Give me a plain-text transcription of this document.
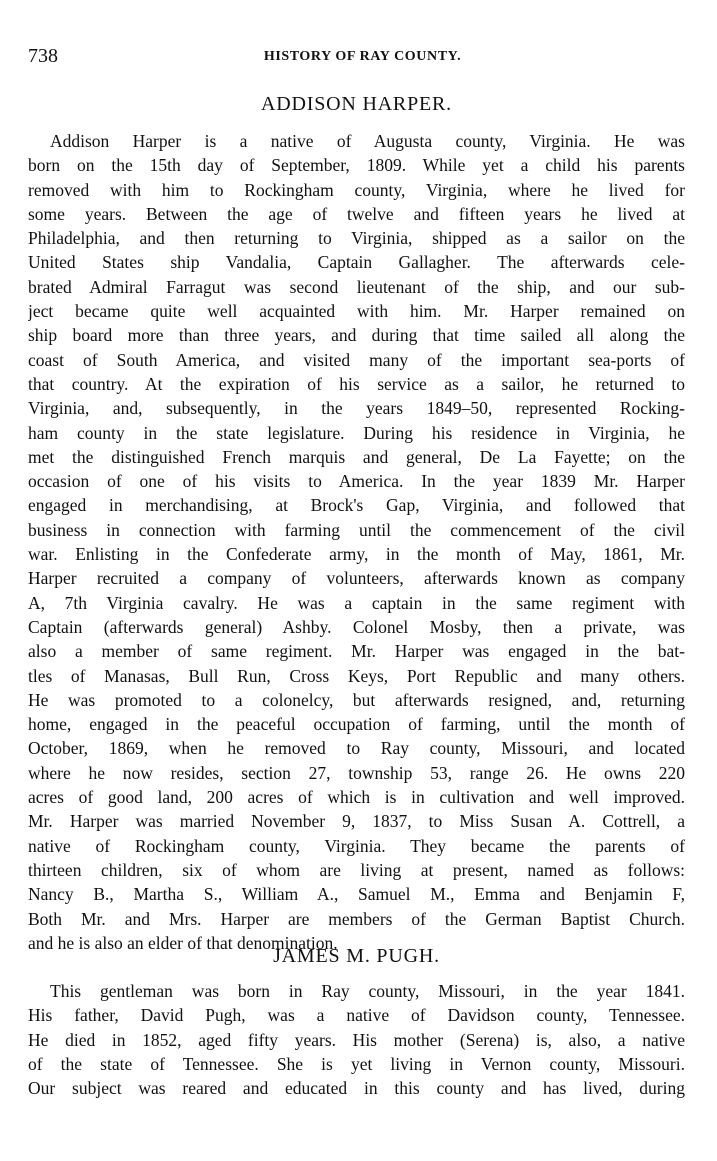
738	HISTORY OF RAY COUNTY.
ADDISON HARPER.
Addison Harper is a native of Augusta county, Virginia. He was
born on the 15th day of September, 1809. While yet a child his parents
removed with him to Rockingham county, Virginia, where he lived for
some years. Between the age of twelve and fifteen years he lived at
Philadelphia, and then returning to Virginia, shipped as a sailor on the
United States ship Vandalia, Captain Gallagher. The afterwards cele-
brated Admiral Farragut was second lieutenant of the ship, and our sub-
ject became quite well acquainted with him. Mr. Harper remained on
ship board more than three years, and during that time sailed all along the
coast of South America, and visited many of the important sea-ports of
that country. At the expiration of his service as a sailor, he returned to
Virginia, and, subsequently, in the years 1849–50, represented Rocking-
ham county in the state legislature. During his residence in Virginia, he
met the distinguished French marquis and general, De La Fayette; on the
occasion of one of his visits to America. In the year 1839 Mr. Harper
engaged in merchandising, at Brock's Gap, Virginia, and followed that
business in connection with farming until the commencement of the civil
war. Enlisting in the Confederate army, in the month of May, 1861, Mr.
Harper recruited a company of volunteers, afterwards known as company
A, 7th Virginia cavalry. He was a captain in the same regiment with
Captain (afterwards general) Ashby. Colonel Mosby, then a private, was
also a member of same regiment. Mr. Harper was engaged in the bat-
tles of Manasas, Bull Run, Cross Keys, Port Republic and many others.
He was promoted to a colonelcy, but afterwards resigned, and, returning
home, engaged in the peaceful occupation of farming, until the month of
October, 1869, when he removed to Ray county, Missouri, and located
where he now resides, section 27, township 53, range 26. He owns 220
acres of good land, 200 acres of which is in cultivation and well improved.
Mr. Harper was married November 9, 1837, to Miss Susan A. Cottrell, a
native of Rockingham county, Virginia. They became the parents of
thirteen children, six of whom are living at present, named as follows:
Nancy B., Martha S., William A., Samuel M., Emma and Benjamin F,
Both Mr. and Mrs. Harper are members of the German Baptist Church.
and he is also an elder of that denomination.
JAMES M. PUGH.
This gentleman was born in Ray county, Missouri, in the year 1841.
His father, David Pugh, was a native of Davidson county, Tennessee.
He died in 1852, aged fifty years. His mother (Serena) is, also, a native
of the state of Tennessee. She is yet living in Vernon county, Missouri.
Our subject was reared and educated in this county and has lived, during
